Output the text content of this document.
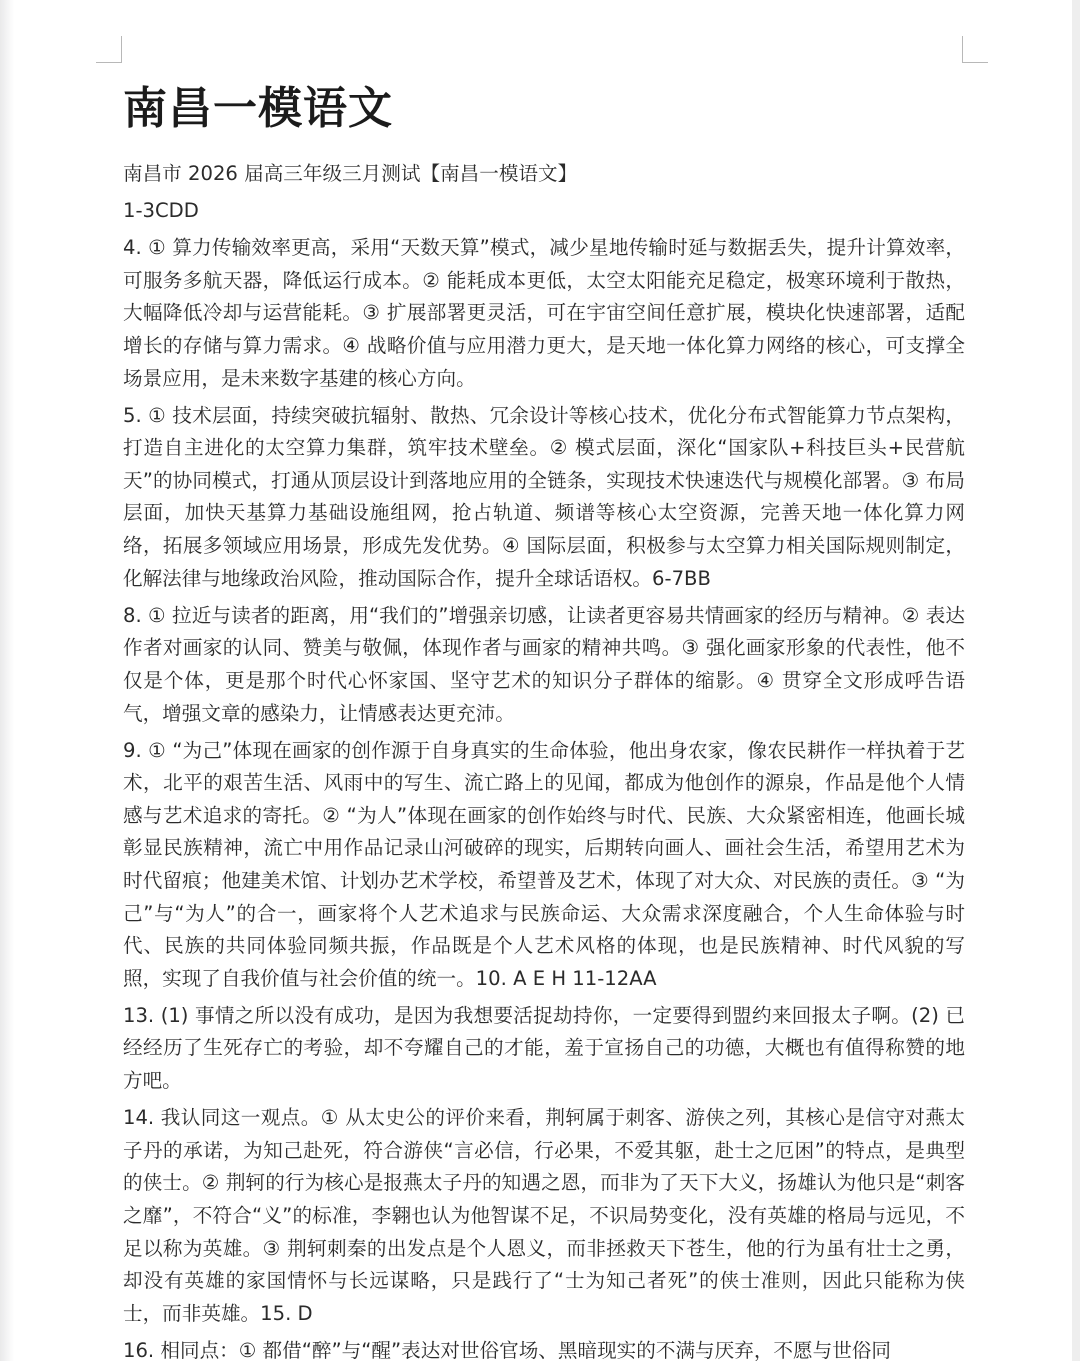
南昌一模语文

南昌市 2026 届高三年级三月测试【南昌一模语文】

1-3CDD

4. ① 算力传输效率更高，采用“天数天算”模式，减少星地传输时延与数据丢失，提升计算效率，可服务多航天器，降低运行成本。② 能耗成本更低，太空太阳能充足稳定，极寒环境利于散热，大幅降低冷却与运营能耗。③ 扩展部署更灵活，可在宇宙空间任意扩展，模块化快速部署，适配增长的存储与算力需求。④ 战略价值与应用潜力更大，是天地一体化算力网络的核心，可支撑全场景应用，是未来数字基建的核心方向。

5. ① 技术层面，持续突破抗辐射、散热、冗余设计等核心技术，优化分布式智能算力节点架构，打造自主进化的太空算力集群，筑牢技术壁垒。② 模式层面，深化“国家队+科技巨头+民营航天”的协同模式，打通从顶层设计到落地应用的全链条，实现技术快速迭代与规模化部署。③ 布局层面，加快天基算力基础设施组网，抢占轨道、频谱等核心太空资源，完善天地一体化算力网络，拓展多领域应用场景，形成先发优势。④ 国际层面，积极参与太空算力相关国际规则制定，化解法律与地缘政治风险，推动国际合作，提升全球话语权。6-7BB

8. ① 拉近与读者的距离，用“我们的”增强亲切感，让读者更容易共情画家的经历与精神。② 表达作者对画家的认同、赞美与敬佩，体现作者与画家的精神共鸣。③ 强化画家形象的代表性，他不仅是个体，更是那个时代心怀家国、坚守艺术的知识分子群体的缩影。④ 贯穿全文形成呼告语气，增强文章的感染力，让情感表达更充沛。

9. ① “为己”体现在画家的创作源于自身真实的生命体验，他出身农家，像农民耕作一样执着于艺术，北平的艰苦生活、风雨中的写生、流亡路上的见闻，都成为他创作的源泉，作品是他个人情感与艺术追求的寄托。② “为人”体现在画家的创作始终与时代、民族、大众紧密相连，他画长城彰显民族精神，流亡中用作品记录山河破碎的现实，后期转向画人、画社会生活，希望用艺术为时代留痕；他建美术馆、计划办艺术学校，希望普及艺术，体现了对大众、对民族的责任。③ “为己”与“为人”的合一，画家将个人艺术追求与民族命运、大众需求深度融合，个人生命体验与时代、民族的共同体验同频共振，作品既是个人艺术风格的体现，也是民族精神、时代风貌的写照，实现了自我价值与社会价值的统一。10. A E H 11-12AA

13. (1) 事情之所以没有成功，是因为我想要活捉劫持你，一定要得到盟约来回报太子啊。(2) 已经经历了生死存亡的考验，却不夸耀自己的才能，羞于宣扬自己的功德，大概也有值得称赞的地方吧。

14. 我认同这一观点。① 从太史公的评价来看，荆轲属于刺客、游侠之列，其核心是信守对燕太子丹的承诺，为知己赴死，符合游侠“言必信，行必果，不爱其躯，赴士之厄困”的特点，是典型的侠士。② 荆轲的行为核心是报燕太子丹的知遇之恩，而非为了天下大义，扬雄认为他只是“刺客之靡”，不符合“义”的标准，李翱也认为他智谋不足，不识局势变化，没有英雄的格局与远见，不足以称为英雄。③ 荆轲刺秦的出发点是个人恩义，而非拯救天下苍生，他的行为虽有壮士之勇，却没有英雄的家国情怀与长远谋略，只是践行了“士为知己者死”的侠士准则，因此只能称为侠士，而非英雄。15. D

16. 相同点：① 都借“醉”与“醒”表达对世俗官场、黑暗现实的不满与厌弃，不愿与世俗同
